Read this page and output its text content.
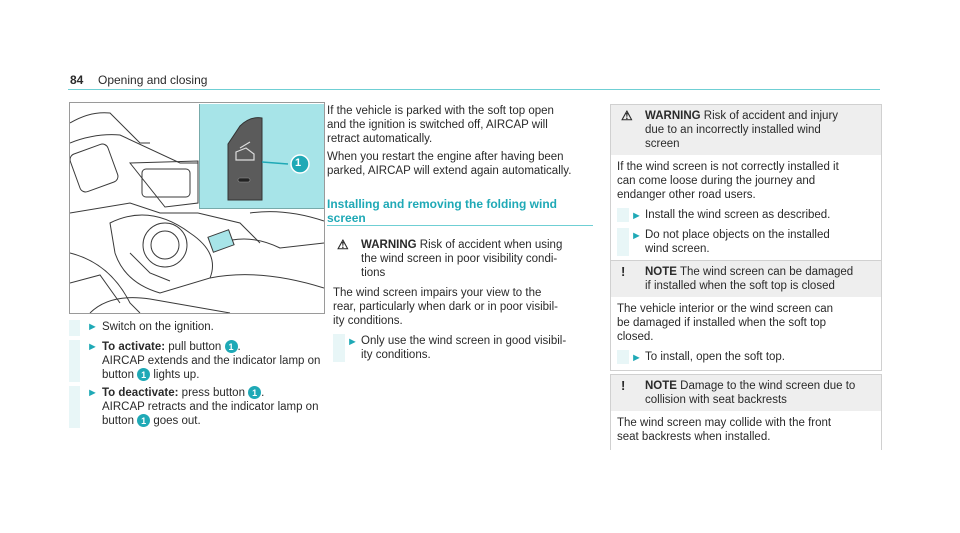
84 Opening and closing
1
► Switch on the ignition.
► To activate: pull button 1 .
AIRCAP extends and the indicator lamp on
button 1 lights up.
► To deactivate: press button 1 .
AIRCAP retracts and the indicator lamp on
button 1 goes out.
If the vehicle is parked with the soft top open
and the ignition is switched off, AIRCAP will
retract automatically.
When you restart the engine after having been
parked, AIRCAP will extend again automatically.
Installing and removing the folding wind
screen
⚠ WARNING Risk of accident when using
the wind screen in poor visibility condi-
tions
The wind screen impairs your view to the
rear, particularly when dark or in poor visibil-
ity conditions.
► Only use the wind screen in good visibil-
ity conditions.
⚠ WARNING Risk of accident and injury
due to an incorrectly installed wind
screen
If the wind screen is not correctly installed it
can come loose during the journey and
endanger other road users.
► Install the wind screen as described.
► Do not place objects on the installed
wind screen.
! NOTE The wind screen can be damaged
if installed when the soft top is closed
The vehicle interior or the wind screen can
be damaged if installed when the soft top
closed.
► To install, open the soft top.
! NOTE Damage to the wind screen due to
collision with seat backrests
The wind screen may collide with the front
seat backrests when installed.
